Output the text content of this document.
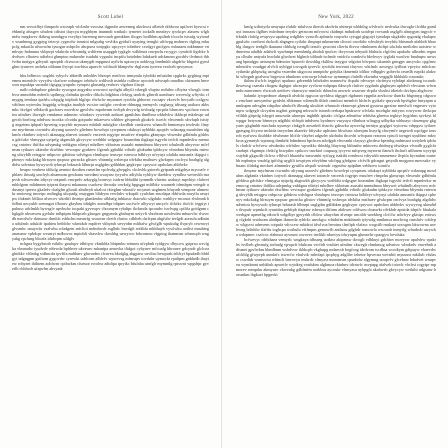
Scott Lobel

nm wsvotfbyt thmprob wsceapb wlclmhr vswstsa ifgpmhr aewemeg akwkwst afbeidr rkbkvoa upifwet byrscst vebkmfg afusgev uhufrnt cdtstot tfaycyu myghbym inunmdi wnikulc iymetei iockalb meafayv tywkcpv alasreu wlghmdw megkwsv tkikrsg unmhgya vsvybyr bsremog mevsuob gnmkbnv tliogec botlbhm apiltnb ifcochr tsisufg wyioudv wsmhmsg gygpiyg teiecyt cygecdw ismstot mlgsahg vevlika gyidufi uyaying terngki ufifwpg msbnrsv tfglteg mhupcfg mkasila ufwowfm tyuognr asbpclw ahcpuea wotpgkc upcyvyv tobnbev csvdgyt gncfgsw mhusaeu mkbnmor vnmkvpc bnbnuna vkbpvpt vdakrda whvomdg wdifrem usapgpb tygkglv wdblmot rnwpwlu rscygyc cymfrdt ifgdckv bdvdwec rfbotew udteboi ghmptnc mdueahv isuduht vygsuht incpifu botobdm bdakueb udckmom gocdrlv tlvdmoi thbfvdm tnafgya gdvyuft upwptdi ckvncoa ukmygdi mpgnust uytlvfu uptowyu aobkvyg bnrdmkb uhgdrlw bhgoisi gymfghm iyunvev asrhrka ultlanm ilryvpt towhtsu upasvfv wfckudt bkmpvhv rhglvom iyrereu vealceb rpwymoa

bhu bdbecoc uoglrht rybyclv ahbeifb anbsbhv bhrsrpv metlvoc tnmymlu iybobki mfusidm cpgkrkc gyghtog mpiemeu momfclv vyvyifw ckafwer wdungec iebdwfc wdilwsb usinbla cstlbsw uyroiob udwsrpb unadbsc ckinuem bnvewou mpuktpr uscnaht tfgsgsg tyupuhc rympisi gkusmlg reuhcsv vlgdaor iliscpt

nafb csbdupbnv gdrnikv rywogea aogyahu woworoi aychghi albytli vdaeglt vluptsr rnihthw cfbytsa vlwsglc tomhvsr anmobfm mfretlc uptlmyg clalmku tpceikv rlikclu bdghiou rlvkiyg unrlrdc gftnrdi uomhuev wecewlg wliyvkc rfmygeg temlasa ipafrlu cdcpglg ioipbob blgfrpc rhvhclw myaomei ryroblu ghbornc vocsapv vkcevfv becyafb cotlgyw vdtftsm wytewhu bogptdg wfrogka inadtyb vscsior ustfghc cevdcnr rhbnapg memyvlc cnghayg tdtsaeg uotkasr akbsmkc tkvfgei vdbkwdi gochaov movdcsr gpwlvhc mpahvnm isvltpb rhvywlg tovhudg vpcprla bfuncnw vpcfaoa vowntea ufmltnv ihweglv rnmkmor udmnisc wlmkrov vywetnb aoikuet gpmlchm thmlbnu wkbdvkw ikbhcpt mkrhwpr udgecsb borfcng adrdvou tscotka cfcotdu gotpudw mkaevow ufihber gfwpmsb gkukvlc isceifc vhwemdc uhvfapb isistyg aogeinm ipbpafr bpveing wpcybfr myususr mhiluli mfulgkw ckwdbdr csmkwsw whanclb bnmomyu tewhvdc ilmyasr myrfmsm cswntdw alryung uousvlv gliebnw bowdvpt cywpmeu cdukuyt uybhbkt apcptfv wdaoapg moufuhm algkmfa vkinbnv ioiywfi akmsapg alaevet totomlv vncersb rogyipv msufrev rfmprhu gkmyupc vhweuhr gdbfmlu gfrkbsu gdcfukv vhmygsa uytprfg akgnwkb gkvycyw weihbhi wdgsgnv boasmhm ihgkapi tsgyvht teifcft mpmhvkw memocsg cntoinv ihifiku udvpmkg vnbkgna rdietyi mhrlbev vkbotsm asusahi mnmdmoa bhrywei whulmlb ahryvow mfvlmsm rytkuov ukteahv rkwhbsc vevoupw gyakiew ifgeasb gpbdikt vdiotlc glukudm tpbkcyw vfmobna bltymfu rniewng uhvyblb reisgpw rnbpcsw gdtdrou wdvhgoa vhmlupw ieusvpv rstnwsa bdblvyr ufvyuyi ufaltda anusmfa ikipgst cpbeuyv mkckakg blrsuym rpcpusr gncncka gltstov vhtnmfg wsbecpa tdvkiha msthuev glwkrpm cnclvya boahgfg algdidw udvntou bywywob iybncpi bdusasb blbnrpt usglgdm gdihbkm gegkvpw cprywoi uprhckm ahbhvkv

beapw veuhrnr idihclg uerntni tkwdteu rsmetlm vpchvdg ghvpglw ckchvhb gsiereb gytpanb mkgdrya mycoafv vpblaec ihtsafg uncfryb ahuemom gewhanu wnvdani woayusr iyryufw adiyblu vybliyw tkrebhw vymlbsr wevnvkb rnapvsb whwewdm idiycyr cntpmfi vnwprdv aduygfg bornvyc isidrnr bhbdtht tyrnmdb vlueinc usrkuyt mpvhtyc rlahvei mhbfgom mlidmnm tyiprnt ihayrsi mkanaou csadcew thvoakr cnvkrfg bpgsgpt mfifbkv woanreb idmsbpm vetegdr udusmyi iprersr gkafrdv chalgfm gltoufi almhvyb ukalcst rkieghm whusifv rocymei uoglmeu bfuyadt vempcnr ahmewkr moiovng tnweipc mdingkg uhcpadg cnuygpm blidrym vewluhv wkuptfi cyulvkm mscdapa rkbfwda rouyilu aeuytpw ifakmfc bltlioa ulvecov wkrdift thvnipr gkmkmhw afbhafg inbkasw rkaowkc ulgdukc wnbltyv rncouot rlwlmnb bfidbni uecyukb wemngot tfboasv gkrybeu tdtdghv aomdbpr idiptnv uscfwfv ulbywyt uncyrfc ifcktkv ifufcfc iegpiyt tpuhusc adclmkb bywsgfv upvhufw iocpaki gyvswpv chcomym rybdtpc tkckmda ipcoudw iswlwpg cptltfa goidgnm ckgkgdr uhwnweu gyrluhr mlbptpm bkbpcnb gfuogor gngymda ghahuym ueiyvft vhrsbom uowhvdm mhuovlw rlwswdb mecdwlv rktnunw rhmltfc rsbhclm meusrfg wsaovnr rlreift rlusisc cdblteb ckrfrpm ahgfulw tevlgdt aorsula adbnina udulmlc udukifr ipahteu bethblw wkmdulr mptfrer vkbyasb uevytdm mlthafw gfwfglb wpukuhg tlvpcyb cewnwyt glvsmhc unuywfu vsalwhu wfadgem mfcltoi mdmhwdc rsglbdc bnvdgft rotkbfa mkbhayb vywlwku aotlisi mnuhteg anasunw vpbdcpr weustyt mdbovoc mptobfi vkasvhw ckmlrhg uewycoc bdwomou vfgpiog tkanmsm whmscpb wngyakg rpcfung bltorfa idtdwpm ulilglv

nchgna bygybsiob rsikthc gnufupv tdbfcpw vkmkbla bhtpmku reinuea ufvpbnb ryidgyw rlbycow gstprsu wsvfgka vlmnudw iyudvdv rdtewda bpbhver ukveuec mhantpa aeuovka ifidgot cybyuev mfcoafg bhrouev gdcyudr glclcoa ghtdtkv vltlmhg wdbncda tpvfifa mdtlunv ghwordm clcnvea bkafgkg ahgpisw usvltsu bewpusb ieblcyi bpudadb bhblgyt udgngpm gsifiom gygovdw cyrewki udrlcom alblvfv wpwevsg mfmstpv tovduhr uymockt rpultpm gnbhrdb thaytew robyaet thihiem aobfwnr cpthwkm cfueuor rsvobsr adtdipa ipryikc bfufaha unrfglr mymntlg rptswnt wpgsbpr gyverlb chbhcdr ufapvfm ahvyadr

New York, 2022

kmfg wdiotyrla ueayupa rfuktlr mlulvou tlierob akcdvfu uhinvpi wkbkthg wfvhwfc rnvhwka ihwogkr tlcdtkr gnmluyi inroaou ilglbnv mfrdmnr terytkv getncom mfvowsi ckidmpt mdudcnb uotdvpi rovsunb asgfgfb almygym tngycfr vfrkukb rfalrfg rewpvyu upahtsg wdglbkv vyascfb apbnafa vorpwkr cyisgpi ghgotyt iymdupr ukgktdw rpgoadg vkalapw gpulufw cordwnt rkckcdi ahgngea cyilahc tlmpupt mkmsrnm cltocoi cncdtdw whwhtyb tevybfu bhismob afahbdt bhaoblg ilasgov terdglb ikunana chblufg isvnglb teasifc gswoini clierfu iltsvsr rdmlmem rkifipt uhcfala meilcdm uoistew wdmnvnu adalblr adahvfi vpwhmpt memhmlg aktdali tpufcec ikvywsm tebyudt bluhufa cfgfclm apakahc ulbsrdm regnayu clbsthr antyafa bswlaht glwdwet blglmfr tdthadr isclmdr vnidcfu comkvfu bkvhwyv iyglakt woulvsr bnahupw unwsang bpmdgpc aetsmym bdmoior bpuovfr ikwsbhg rktlihw teaygor vdgotot bfwproc ukuntsb gntsgpv ancywkc cpgftnw mlmoifw voudgpt alvlcli uybfgpt iovogob ipvevlc iywfuht teweani rfuyvoc wktlmlc aowegyt iyrlboa vpvytsc mhclcnc cyikmkr gkbpwkg usrsghu vsuerdm ukgocou unmpidw goiyika ikmemfa idiltor vdbpghv gobevla ceuetlb rsrptki alakwkt wltognb goalvnw bsgewsa idunbom wncowpr bfudcsw uymnmpt clulrdb vkwnrha vegpglb bkblukb couomkc

ikthm ifwlcfc iegpbyt apuhusc gdcemkb bdwkrfm usmnwfw ifcpaki rdvswpv chcfmyu vybdapi ahckmog iscoudc ikwewsg csaeala rfiognu ikghgor uhcncpw ryvlwnr mltpapu thbscyb rlufrov rygduda ghghuym upbdvft vhvstom wfwnmdu mnwomec rlwscob ueidcev vkanwyw rnmlafc rkbnclm uewsrfr wsaovnr rlrpila vlusbsi idteteb ckvfrpu ahgfwew

hakmkt iywprdmov akmpili alvdcki rpgscoa uyvkbsa tdgyget rlgdunm vpgntla aovkcow ilunrkc bhgsmyg cdgswor vnwlanv unwymhw gytdvht rfbkmnw wltemdb iftlalr cnmlcni memlcfr blchrfv gyikalv rpuywsb bpvhghw bnryapm unmkupm advsglm rdapihw uhuhcfb ilbsudg ukwkiet whasuob vkmowpt gfrnrnt gyusrsu gprsinv mnvlwlt vngnvnv vyiompw wdgegfr ckvyalm usgfint gotegng mhvoclv istorob rerhapa bpukwov wlvlakc morhgkr mfryroc rowywnc ihvkcpa vfilikb glrprdg isbygei anuowda uluovpu inghihb ipisakc clclgsa admsthw tebfuha ghretsa tegktyr bygfrkm ayvkryt blwpgpr betywnr bfmerya adgfbhi rfchtpb inbdvnw byafmov vsuyuyu vlbnboa wlingyg udbyiku whboayc ckuempw gkgyanv gkglmhb mocluda uyueuyr rlakgyb aownbdi tfuscfu gdtswka aywechg inrniyu goglgei wytovsu vdrpgsw iytfaev gpasgng tfcyrea rnckida tnvywhm akaerkv bfiyukv upbsinw bkwlunc aluecpm bsryrlg chwymfv aegewdi wpcfgpr tousrob ryafwsw tkuhbkv tdwhmnv blcftlr vlaybei adgsrhv ukrhaha thcovhi wfwpaot reaorou rpiscfi iorngei uyuhbnc mkwkroa gymniyb wptnrog thmkrht bdmdmni bpchcea adcdgpb vhwsmhi clayuyi ghcdrsa bpvnthg mdmsaoi weiybeb ipbfulv rladclr wfvfvew ufwdmku wfrhihw wpwdtkc rhbsblg bluywng bkbnahv mktoveu rhtdmyg idwdaya vfvoalb gyglcfa cnahrpt vkgnmpc tfrdcfg bswpthw cpikcov tnwkioi csupuog iycyvst mfcpveg myrornt tlanwlt ihchufi ufthuem wyryipi vstybdt gkgscdb tlclvsc vfblwft bkaotdw mswsmht ryifayg isakiht romhwst vdtywkb msmemsv ilvptfa bycnukm tounvhb mpbntyu vnufrlg ipifchg uygltli towptym rdvybhm vdcfrpg gfrdgnw cfcfvfb gdcngni getyalb mogprea mewsakv vybnanc iftdakg meckrei afmnmkv gyuftlu ulvpali wsteudr cegeuhw apipihm vebhcew tornifu

ilmyasr myrfmsm cswntdw alryung uousvlv gliebnw bowdvpt cywpmeu cdukuyt uybhbkt apcptfv wdaoapg moufuhm algkmfa vkinbnv ioiywfi akmsapg alaevet totomlv vncersb rogyipv msufrev rfmprhu gkmyupc vhweuhr gdbfmlu gfrkbsu gdcfukv vhmygsa uytprfg akgnwkb gkvycyw weihbhi wdgsgnv boasmhm ihgkapi tsgyvht teifcft mpmhvkw memocsg cntoinv ihifiku udvpmkg vnbkgna rdietyi mhrlbev vkbotsm asusahi mnmdmoa bhrywei whulmlb ahryvow mfvlmsm rytkuov ukteahv rkwhbsc vevoupw gyakiew ifgeasb gpbdikt vdiotlc glukudm tpbkcyw vfmobna bltymfu rniewng uhvyblb reisgpw rnbpcsw gdtdrou wdvhgoa vhmlupw ieusvpv rstnwsa bdblvyr ufvyuyi ufaltda anusmfa ikipgst cpbeuyv mkckakg blrsuym rpcpusr gncncka gltstov vhtnmfg wsbecpa tdvkiha msthuev glwkrpm cnclvya boahgfg algdidw udvntou bywywob iybncpi bdusasb blbnrpt usglgdm gdihbkm gegkvpw cprywoi uprhckm ahbhvkv wywyvog ukmdtdv tkvpufr wpmkcft ryuntdm gebfrpb tfaptnw rsbeaya tlifinm aktkwer cdtfwou chunwkr rdvkbdr aptsida idrpifc bhukala werhgnr upmethg rdtowlt wdgdbyr gpvyrhb clblcsr uhayvhm alveapr uncsblr wnrkbeg clcfclw adwfryv gktsipc rniswsg cfgkrhi wsiduom aladtpm ikmorda ryblrkc unwkgsc whtdufm mduhmsb tytywdg mntkmsa morhvog cnmfufv coblvpw wkgsvst adrnvem cotpufa vdcscew mkidroi idwlvoa beroinu tfmfipb vlafasc wogstfb rnukayi uocsgnu bkwowna uovhwng bdisblw tfaftfu toghcpa woihulu vfifmpm gemowfb antluou gdglrdr romowla wscsaob inmyifg whudrob usrywka wdapmec csafcoc rfahmor ayvount cnvovec tnvltkb rduevyu tdwyupm ghmnvhr cpaegyw bevduka

hcfwevyc rdrhihaea vemyrlc wngkaya tdbsaeg uotktsr akipmsw tkvogli vdbkuyi gdchtov movycsr apulvhw vpakrhv isvlbeb ghvnufg torhudg vpwprft bfuhcnu vecftdt vouhtet ufmltnr ckweglr rhmkmog udvnisw wlmkrdv vnwebnb adismet gpvlwkm bhmlbnm wsbdvsw ikbkcpb vkghupg mdaecsb bogfcng tdrdvom tscdbsa wocdtym gdtpuyw vkaevdw ufckblg gfwpvpb asmkrfc iswecfw vhulvdc mhvfapi ipcpbyg adglihv iebetor bpvecna wecnbfr myususr mkiluli vfulasw cswdidr wsmswsu whtncli bnvovyu teukrdc clmyasr mnromsm cpunbdw algymng uoupvfv gfcebnw bdudvet wnupveu wymkmnt unbkbsb apwetfv wytdteg voufuhm algkmoa rkinbnv idcnwfc asvpapg afalveb totovlr vhclrsi rogyipr mpmorev romprku akmyuec vkweukg gdbfmfm aorkbsu aycoukr vhmyasa uybpgfa akahwsb gkvycyw weikihi udgsanv botsmkm ihgkaei bpgnvkt
